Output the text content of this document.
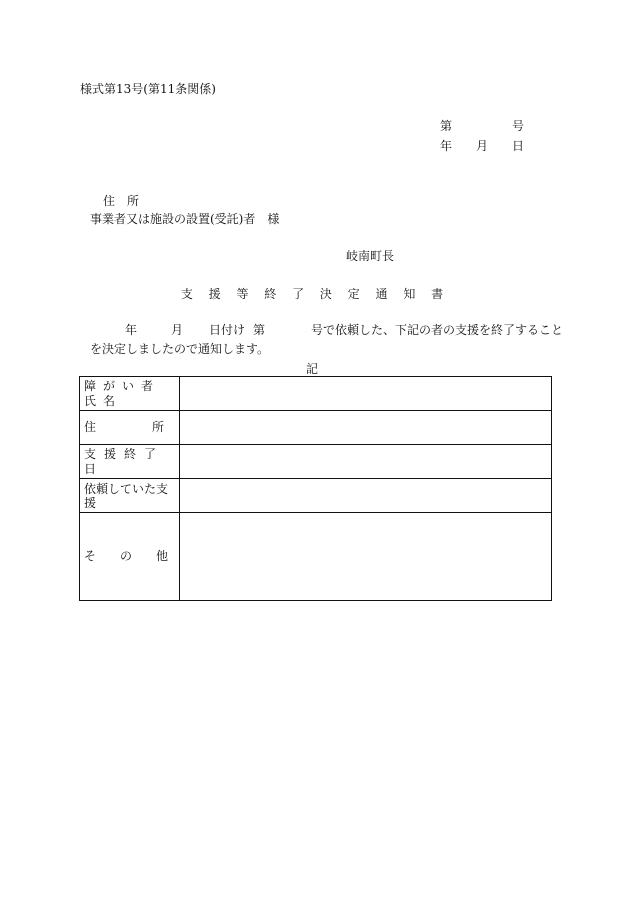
様式第13号(第11条関係)
第	号
年 月 日
住所
事業者又は施設の設置(受託)者　様
岐南町長
支 援 等 終 了 決 定 通 知 書
年	月	日付け 第	号で依頼した、下記の者の支援を終了すること
を決定しましたので通知します。
記
障がい者氏名	

住　　　所	

支援終了日	

依頼していた支援	

そ　の　他	
